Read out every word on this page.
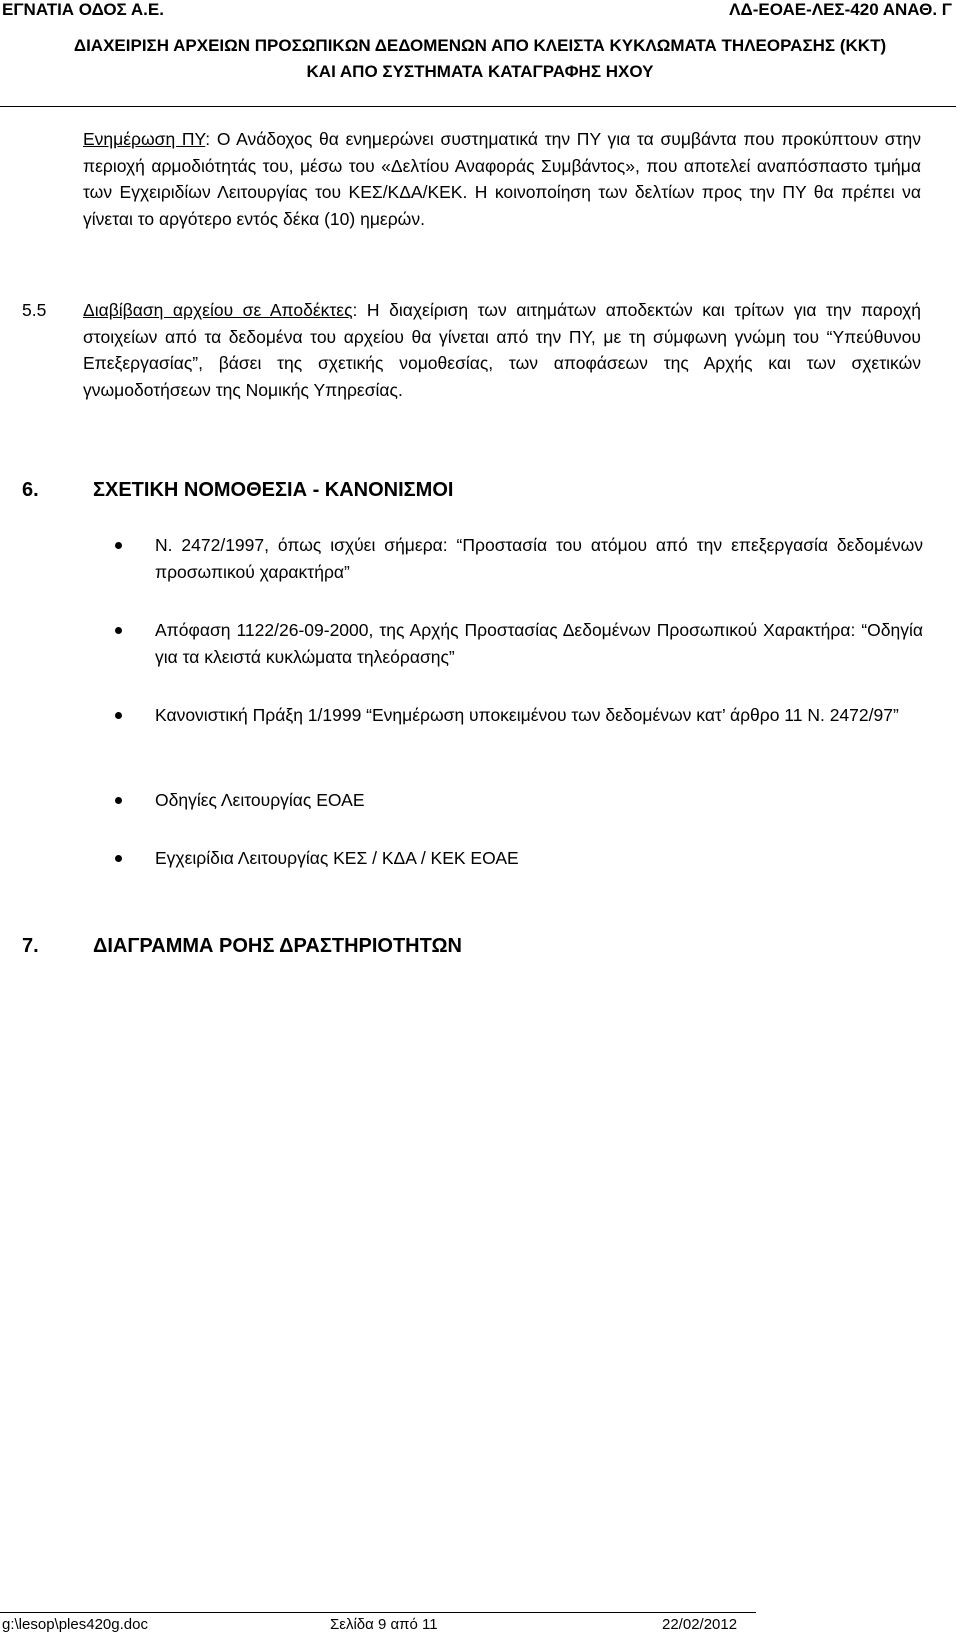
ΕΓΝΑΤΙΑ ΟΔΟΣ Α.Ε.	ΛΔ-ΕΟΑΕ-ΛΕΣ-420 ΑΝΑΘ. Γ
ΔΙΑΧΕΙΡΙΣΗ ΑΡΧΕΙΩΝ ΠΡΟΣΩΠΙΚΩΝ ΔΕΔΟΜΕΝΩΝ ΑΠΟ ΚΛΕΙΣΤΑ ΚΥΚΛΩΜΑΤΑ ΤΗΛΕΟΡΑΣΗΣ (ΚΚΤ)
ΚΑΙ ΑΠΟ ΣΥΣΤΗΜΑΤΑ ΚΑΤΑΓΡΑΦΗΣ ΗΧΟΥ
Ενημέρωση ΠΥ: Ο Ανάδοχος θα ενημερώνει συστηματικά την ΠΥ για τα συμβάντα που προκύπτουν στην περιοχή αρμοδιότητάς του, μέσω του «Δελτίου Αναφοράς Συμβάντος», που αποτελεί αναπόσπαστο τμήμα των Εγχειριδίων Λειτουργίας του ΚΕΣ/ΚΔΑ/ΚΕΚ. Η κοινοποίηση των δελτίων προς την ΠΥ θα πρέπει να γίνεται το αργότερο εντός δέκα (10) ημερών.
5.5 Διαβίβαση αρχείου σε Αποδέκτες: Η διαχείριση των αιτημάτων αποδεκτών και τρίτων για την παροχή στοιχείων από τα δεδομένα του αρχείου θα γίνεται από την ΠΥ, με τη σύμφωνη γνώμη του “Υπεύθυνου Επεξεργασίας”, βάσει της σχετικής νομοθεσίας, των αποφάσεων της Αρχής και των σχετικών γνωμοδοτήσεων της Νομικής Υπηρεσίας.
6.	ΣΧΕΤΙΚΗ ΝΟΜΟΘΕΣΙΑ - ΚΑΝΟΝΙΣΜΟΙ
Ν. 2472/1997, όπως ισχύει σήμερα: “Προστασία του ατόμου από την επεξεργασία δεδομένων προσωπικού χαρακτήρα”
Απόφαση 1122/26-09-2000, της Αρχής Προστασίας Δεδομένων Προσωπικού Χαρακτήρα: “Οδηγία για τα κλειστά κυκλώματα τηλεόρασης”
Κανονιστική Πράξη 1/1999 “Ενημέρωση υποκειμένου των δεδομένων κατ’ άρθρο 11 Ν. 2472/97”
Οδηγίες Λειτουργίας ΕΟΑΕ
Εγχειρίδια Λειτουργίας ΚΕΣ / ΚΔΑ / ΚΕΚ ΕΟΑΕ
7.	ΔΙΑΓΡΑΜΜΑ ΡΟΗΣ ΔΡΑΣΤΗΡΙΟΤΗΤΩΝ
g:\lesop\ples420g.doc	Σελίδα 9 από 11	22/02/2012
